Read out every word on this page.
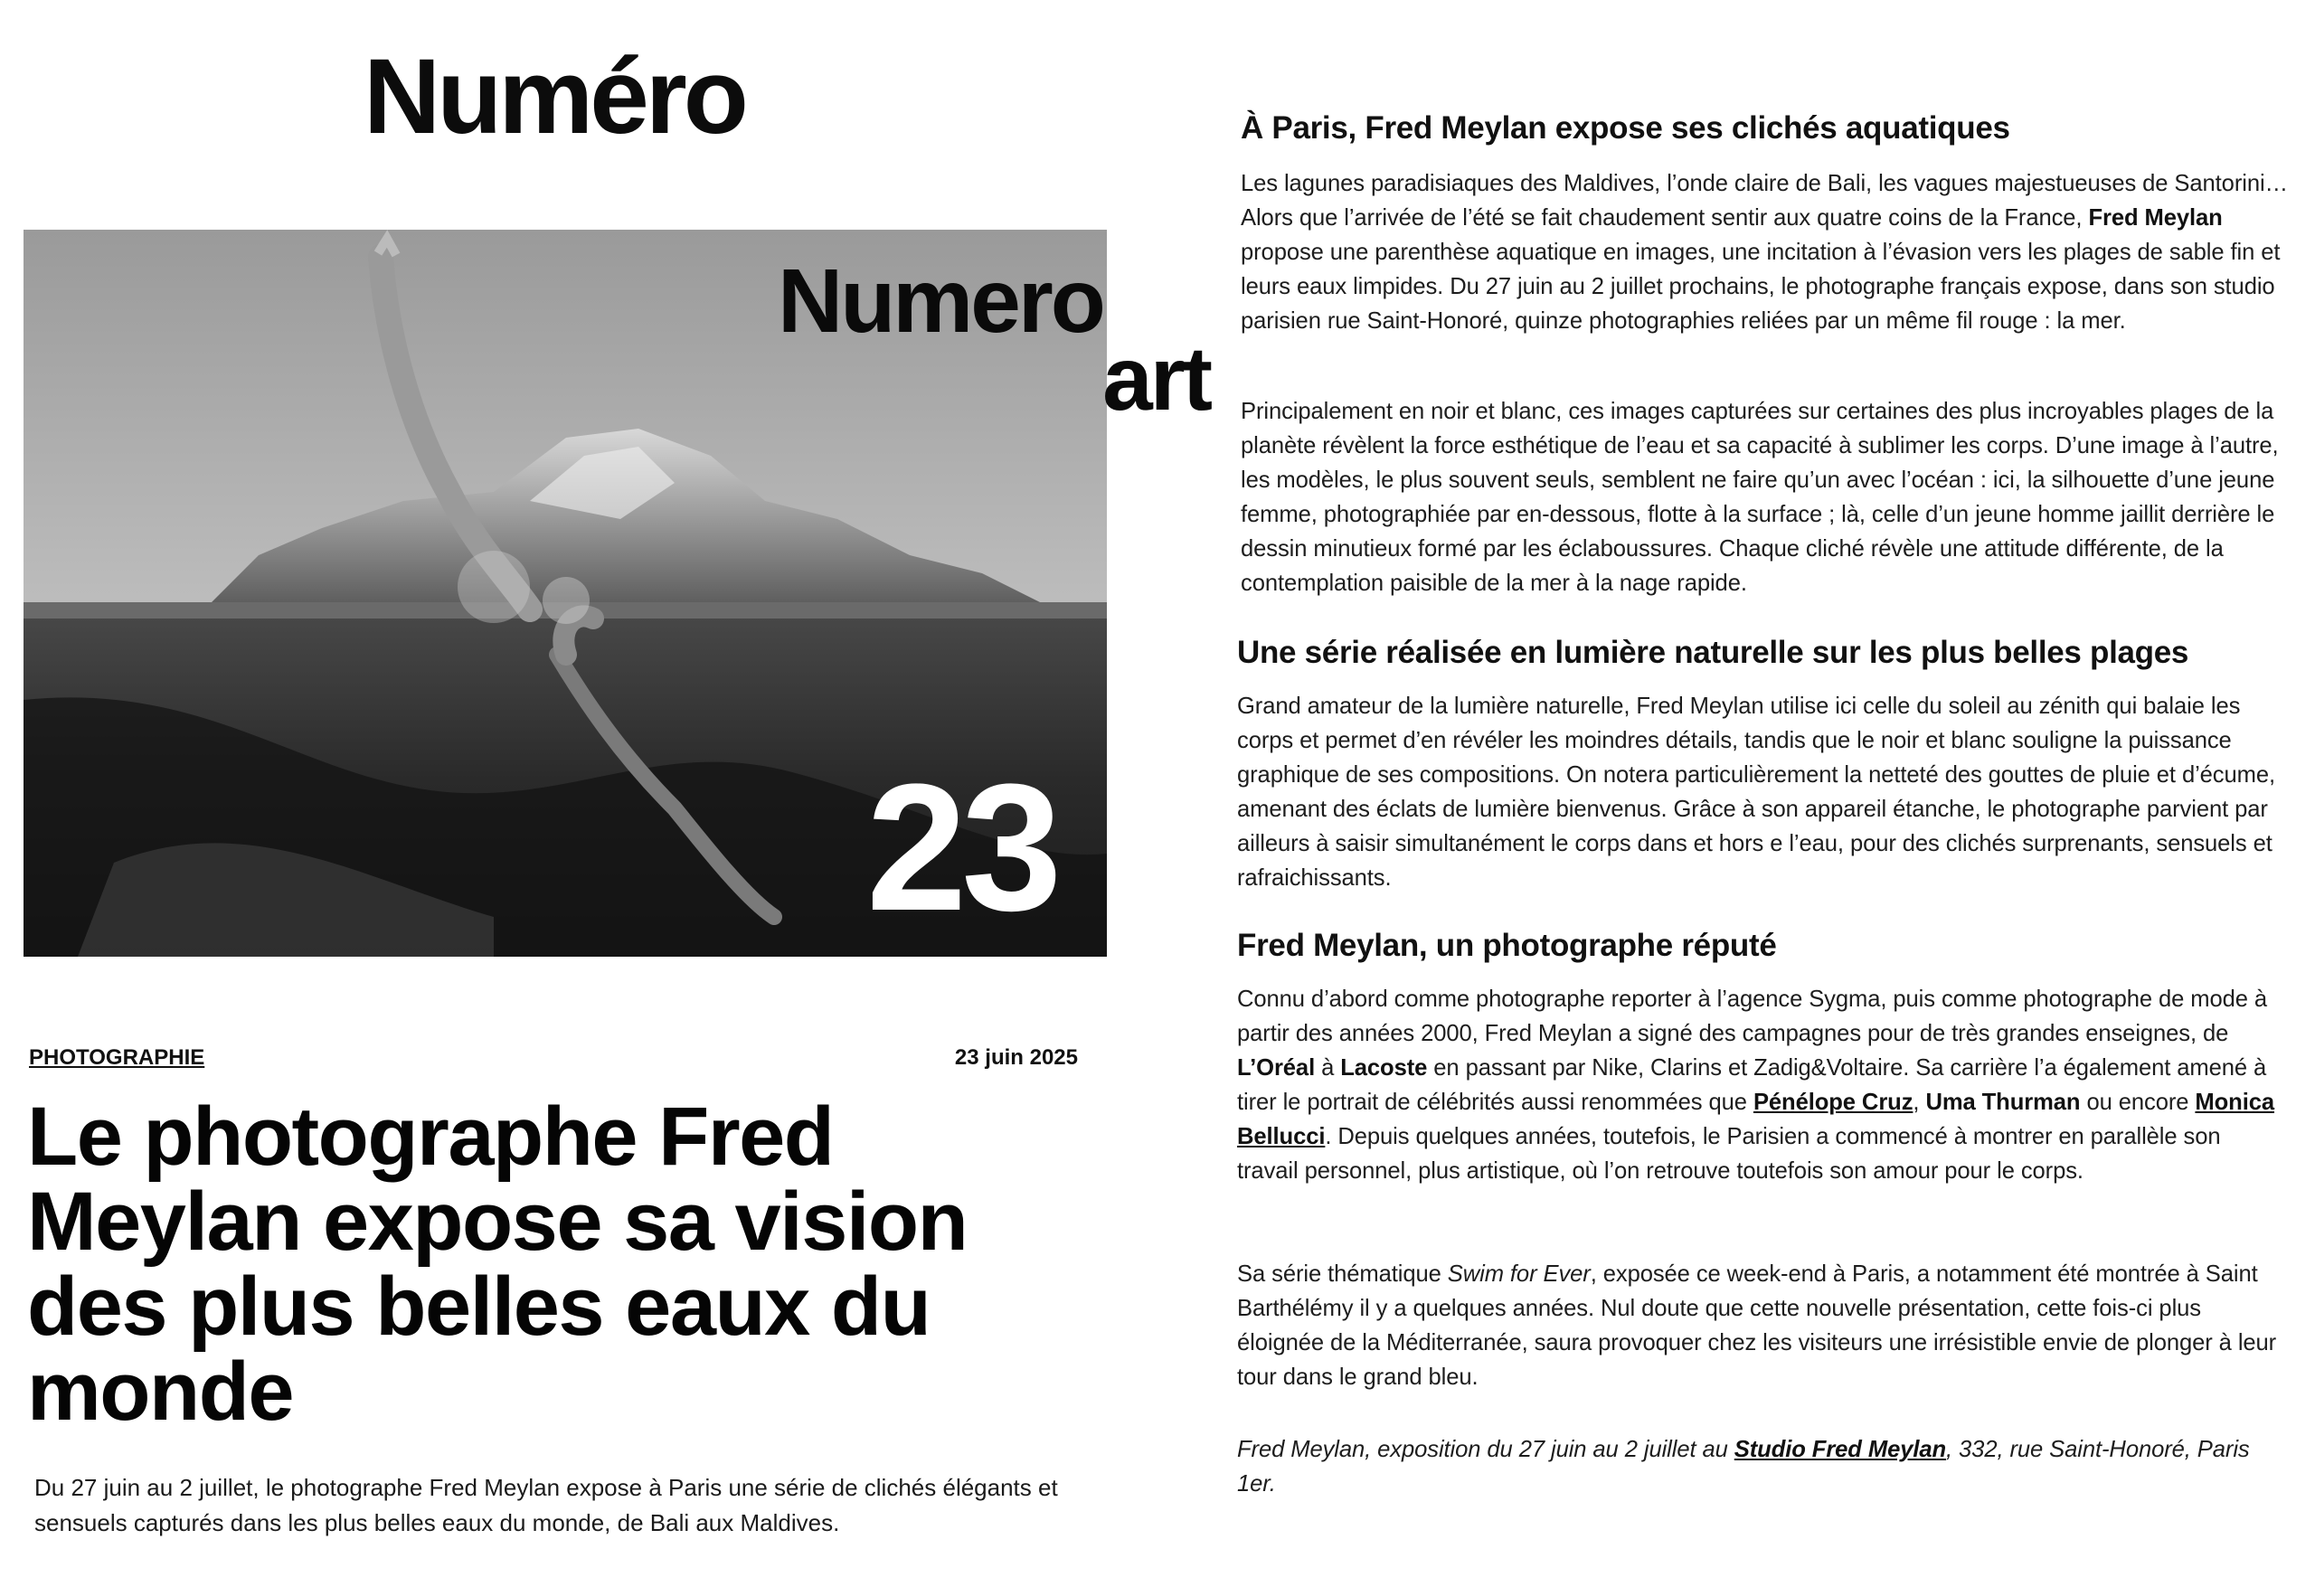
Numéro
Numero
art
23
PHOTOGRAPHIE	23 juin 2025
Le photographe Fred Meylan expose sa vision des plus belles eaux du monde

Du 27 juin au 2 juillet, le photographe Fred Meylan expose à Paris une série de clichés élégants et sensuels capturés dans les plus belles eaux du monde, de Bali aux Maldives.

À Paris, Fred Meylan expose ses clichés aquatiques

Les lagunes paradisiaques des Maldives, l’onde claire de Bali, les vagues majestueuses de Santorini… Alors que l’arrivée de l’été se fait chaudement sentir aux quatre coins de la France, Fred Meylan propose une parenthèse aquatique en images, une incitation à l’évasion vers les plages de sable fin et leurs eaux limpides. Du 27 juin au 2 juillet prochains, le photographe français expose, dans son studio parisien rue Saint-Honoré, quinze photographies reliées par un même fil rouge : la mer.

Principalement en noir et blanc, ces images capturées sur certaines des plus incroyables plages de la planète révèlent la force esthétique de l’eau et sa capacité à sublimer les corps. D’une image à l’autre, les modèles, le plus souvent seuls, semblent ne faire qu’un avec l’océan : ici, la silhouette d’une jeune femme, photographiée par en-dessous, flotte à la surface ; là, celle d’un jeune homme jaillit derrière le dessin minutieux formé par les éclaboussures. Chaque cliché révèle une attitude différente, de la contemplation paisible de la mer à la nage rapide.

Une série réalisée en lumière naturelle sur les plus belles plages

Grand amateur de la lumière naturelle, Fred Meylan utilise ici celle du soleil au zénith qui balaie les corps et permet d’en révéler les moindres détails, tandis que le noir et blanc souligne la puissance graphique de ses compositions. On notera particulièrement la netteté des gouttes de pluie et d’écume, amenant des éclats de lumière bienvenus. Grâce à son appareil étanche, le photographe parvient par ailleurs à saisir simultanément le corps dans et hors e l’eau, pour des clichés surprenants, sensuels et rafraichissants.

Fred Meylan, un photographe réputé

Connu d’abord comme photographe reporter à l’agence Sygma, puis comme photographe de mode à partir des années 2000, Fred Meylan a signé des campagnes pour de très grandes enseignes, de L’Oréal à Lacoste en passant par Nike, Clarins et Zadig&Voltaire. Sa carrière l’a également amené à tirer le portrait de célébrités aussi renommées que Pénélope Cruz, Uma Thurman ou encore Monica Bellucci. Depuis quelques années, toutefois, le Parisien a commencé à montrer en parallèle son travail personnel, plus artistique, où l’on retrouve toutefois son amour pour le corps.

Sa série thématique Swim for Ever, exposée ce week-end à Paris, a notamment été montrée à Saint Barthélémy il y a quelques années. Nul doute que cette nouvelle présentation, cette fois-ci plus éloignée de la Méditerranée, saura provoquer chez les visiteurs une irrésistible envie de plonger à leur tour dans le grand bleu.

Fred Meylan, exposition du 27 juin au 2 juillet au Studio Fred Meylan, 332, rue Saint-Honoré, Paris 1er.
